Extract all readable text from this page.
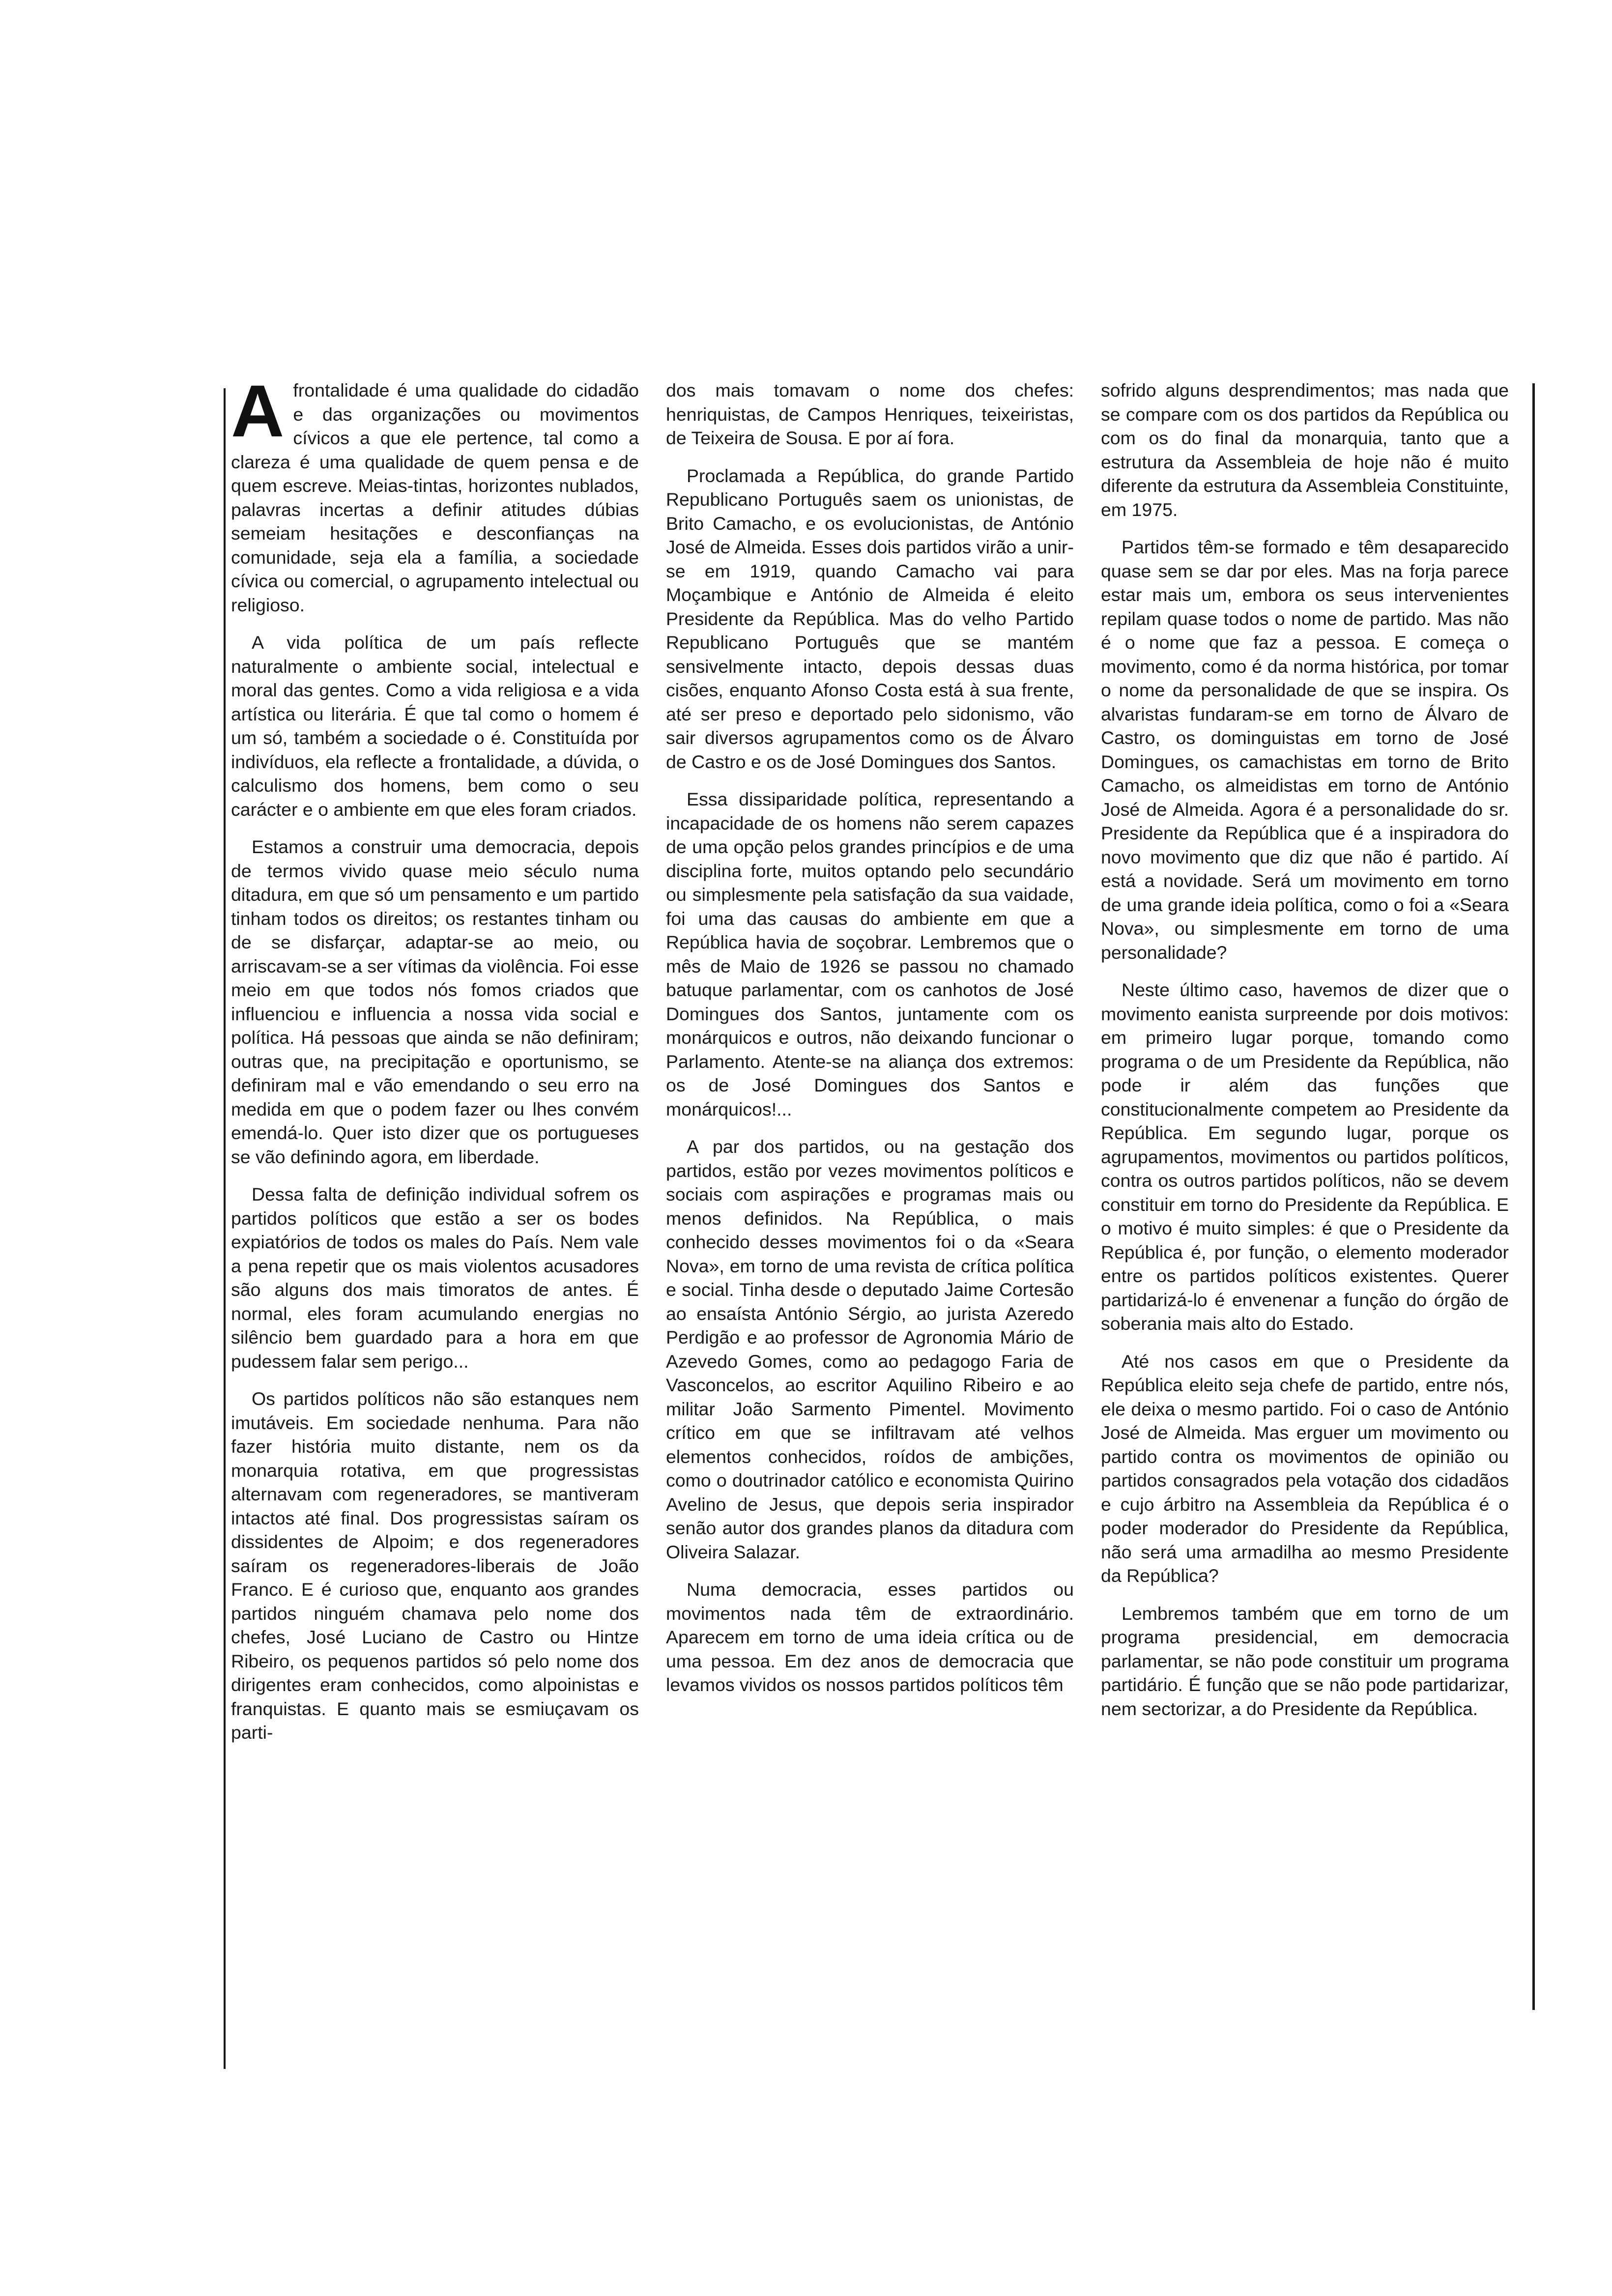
Afrontalidade é uma qualidade do cidadão e das organizações ou movimentos cívicos a que ele pertence, tal como a clareza é uma qualidade de quem pensa e de quem escreve. Meias-tintas, horizontes nublados, palavras incertas a definir atitudes dúbias semeiam hesitações e desconfianças na comunidade, seja ela a família, a sociedade cívica ou comercial, o agrupamento intelectual ou religioso.

A vida política de um país reflecte naturalmente o ambiente social, intelectual e moral das gentes. Como a vida religiosa e a vida artística ou literária. É que tal como o homem é um só, também a sociedade o é. Constituída por indivíduos, ela reflecte a frontalidade, a dúvida, o calculismo dos homens, bem como o seu carácter e o ambiente em que eles foram criados.

Estamos a construir uma democracia, depois de termos vivido quase meio século numa ditadura, em que só um pensamento e um partido tinham todos os direitos; os restantes tinham ou de se disfarçar, adaptar-se ao meio, ou arriscavam-se a ser vítimas da violência. Foi esse meio em que todos nós fomos criados que influenciou e influencia a nossa vida social e política. Há pessoas que ainda se não definiram; outras que, na precipitação e oportunismo, se definiram mal e vão emendando o seu erro na medida em que o podem fazer ou lhes convém emendá-lo. Quer isto dizer que os portugueses se vão definindo agora, em liberdade.

Dessa falta de definição individual sofrem os partidos políticos que estão a ser os bodes expiatórios de todos os males do País. Nem vale a pena repetir que os mais violentos acusadores são alguns dos mais timoratos de antes. É normal, eles foram acumulando energias no silêncio bem guardado para a hora em que pudessem falar sem perigo...

Os partidos políticos não são estanques nem imutáveis. Em sociedade nenhuma. Para não fazer história muito distante, nem os da monarquia rotativa, em que progressistas alternavam com regeneradores, se mantiveram intactos até final. Dos progressistas saíram os dissidentes de Alpoim; e dos regeneradores saíram os regeneradores-liberais de João Franco. E é curioso que, enquanto aos grandes partidos ninguém chamava pelo nome dos chefes, José Luciano de Castro ou Hintze Ribeiro, os pequenos partidos só pelo nome dos dirigentes eram conhecidos, como alpoinistas e franquistas. E quanto mais se esmiuçavam os parti-

dos mais tomavam o nome dos chefes: henriquistas, de Campos Henriques, teixeiristas, de Teixeira de Sousa. E por aí fora.

Proclamada a República, do grande Partido Republicano Português saem os unionistas, de Brito Camacho, e os evolucionistas, de António José de Almeida. Esses dois partidos virão a unir-se em 1919, quando Camacho vai para Moçambique e António de Almeida é eleito Presidente da República. Mas do velho Partido Republicano Português que se mantém sensivelmente intacto, depois dessas duas cisões, enquanto Afonso Costa está à sua frente, até ser preso e deportado pelo sidonismo, vão sair diversos agrupamentos como os de Álvaro de Castro e os de José Domingues dos Santos.

Essa dissiparidade política, representando a incapacidade de os homens não serem capazes de uma opção pelos grandes princípios e de uma disciplina forte, muitos optando pelo secundário ou simplesmente pela satisfação da sua vaidade, foi uma das causas do ambiente em que a República havia de soçobrar. Lembremos que o mês de Maio de 1926 se passou no chamado batuque parlamentar, com os canhotos de José Domingues dos Santos, juntamente com os monárquicos e outros, não deixando funcionar o Parlamento. Atente-se na aliança dos extremos: os de José Domingues dos Santos e monárquicos!...

A par dos partidos, ou na gestação dos partidos, estão por vezes movimentos políticos e sociais com aspirações e programas mais ou menos definidos. Na República, o mais conhecido desses movimentos foi o da «Seara Nova», em torno de uma revista de crítica política e social. Tinha desde o deputado Jaime Cortesão ao ensaísta António Sérgio, ao jurista Azeredo Perdigão e ao professor de Agronomia Mário de Azevedo Gomes, como ao pedagogo Faria de Vasconcelos, ao escritor Aquilino Ribeiro e ao militar João Sarmento Pimentel. Movimento crítico em que se infiltravam até velhos elementos conhecidos, roídos de ambições, como o doutrinador católico e economista Quirino Avelino de Jesus, que depois seria inspirador senão autor dos grandes planos da ditadura com Oliveira Salazar.

Numa democracia, esses partidos ou movimentos nada têm de extraordinário. Aparecem em torno de uma ideia crítica ou de uma pessoa. Em dez anos de democracia que levamos vividos os nossos partidos políticos têm

sofrido alguns desprendimentos; mas nada que se compare com os dos partidos da República ou com os do final da monarquia, tanto que a estrutura da Assembleia de hoje não é muito diferente da estrutura da Assembleia Constituinte, em 1975.

Partidos têm-se formado e têm desaparecido quase sem se dar por eles. Mas na forja parece estar mais um, embora os seus intervenientes repilam quase todos o nome de partido. Mas não é o nome que faz a pessoa. E começa o movimento, como é da norma histórica, por tomar o nome da personalidade de que se inspira. Os alvaristas fundaram-se em torno de Álvaro de Castro, os dominguistas em torno de José Domingues, os camachistas em torno de Brito Camacho, os almeidistas em torno de António José de Almeida. Agora é a personalidade do sr. Presidente da República que é a inspiradora do novo movimento que diz que não é partido. Aí está a novidade. Será um movimento em torno de uma grande ideia política, como o foi a «Seara Nova», ou simplesmente em torno de uma personalidade?

Neste último caso, havemos de dizer que o movimento eanista surpreende por dois motivos: em primeiro lugar porque, tomando como programa o de um Presidente da República, não pode ir além das funções que constitucionalmente competem ao Presidente da República. Em segundo lugar, porque os agrupamentos, movimentos ou partidos políticos, contra os outros partidos políticos, não se devem constituir em torno do Presidente da República. E o motivo é muito simples: é que o Presidente da República é, por função, o elemento moderador entre os partidos políticos existentes. Querer partidarizá-lo é envenenar a função do órgão de soberania mais alto do Estado.

Até nos casos em que o Presidente da República eleito seja chefe de partido, entre nós, ele deixa o mesmo partido. Foi o caso de António José de Almeida. Mas erguer um movimento ou partido contra os movimentos de opinião ou partidos consagrados pela votação dos cidadãos e cujo árbitro na Assembleia da República é o poder moderador do Presidente da República, não será uma armadilha ao mesmo Presidente da República?

Lembremos também que em torno de um programa presidencial, em democracia parlamentar, se não pode constituir um programa partidário. É função que se não pode partidarizar, nem sectorizar, a do Presidente da República.
